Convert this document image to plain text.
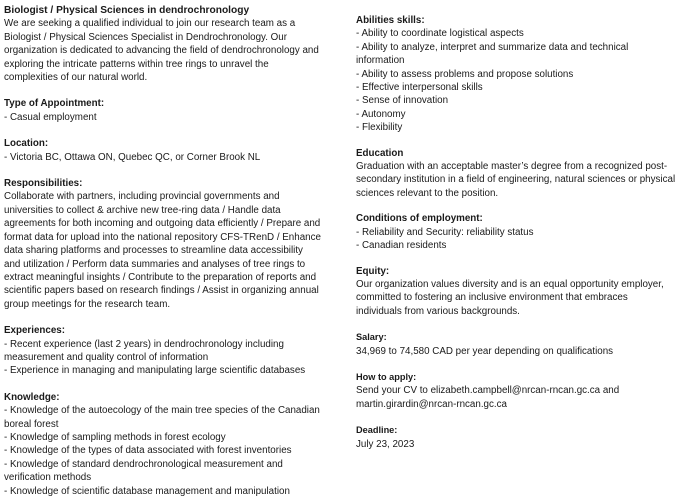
Biologist / Physical Sciences in dendrochronology

We are seeking a qualified individual to join our research team as a Biologist / Physical Sciences Specialist in Dendrochronology. Our organization is dedicated to advancing the field of dendrochronology and exploring the intricate patterns within tree rings to unravel the complexities of our natural world.

Type of Appointment:

- Casual employment

Location:

- Victoria BC, Ottawa ON, Quebec QC, or Corner Brook NL

Responsibilities:

Collaborate with partners, including provincial governments and universities to collect & archive new tree-ring data / Handle data agreements for both incoming and outgoing data efficiently / Prepare and format data for upload into the national repository CFS-TRenD / Enhance data sharing platforms and processes to streamline data accessibility and utilization / Perform data summaries and analyses of tree rings to extract meaningful insights / Contribute to the preparation of reports and scientific papers based on research findings / Assist in organizing annual group meetings for the research team.

Experiences:

- Recent experience (last 2 years) in dendrochronology including measurement and quality control of information
- Experience in managing and manipulating large scientific databases

Knowledge:

- Knowledge of the autoecology of the main tree species of the Canadian boreal forest
- Knowledge of sampling methods in forest ecology
- Knowledge of the types of data associated with forest inventories
- Knowledge of standard dendrochronological measurement and verification methods
- Knowledge of scientific database management and manipulation

Abilities skills:

- Ability to coordinate logistical aspects
- Ability to analyze, interpret and summarize data and technical information
- Ability to assess problems and propose solutions
- Effective interpersonal skills
- Sense of innovation
- Autonomy
- Flexibility

Education

Graduation with an acceptable master’s degree from a recognized post-secondary institution in a field of engineering, natural sciences or physical sciences relevant to the position.

Conditions of employment:

- Reliability and Security: reliability status
- Canadian residents

Equity:

Our organization values diversity and is an equal opportunity employer, committed to fostering an inclusive environment that embraces individuals from various backgrounds.

Salary:

34,969 to 74,580 CAD per year depending on qualifications

How to apply:

Send your CV to elizabeth.campbell@nrcan-rncan.gc.ca and martin.girardin@nrcan-rncan.gc.ca

Deadline:

July 23, 2023
